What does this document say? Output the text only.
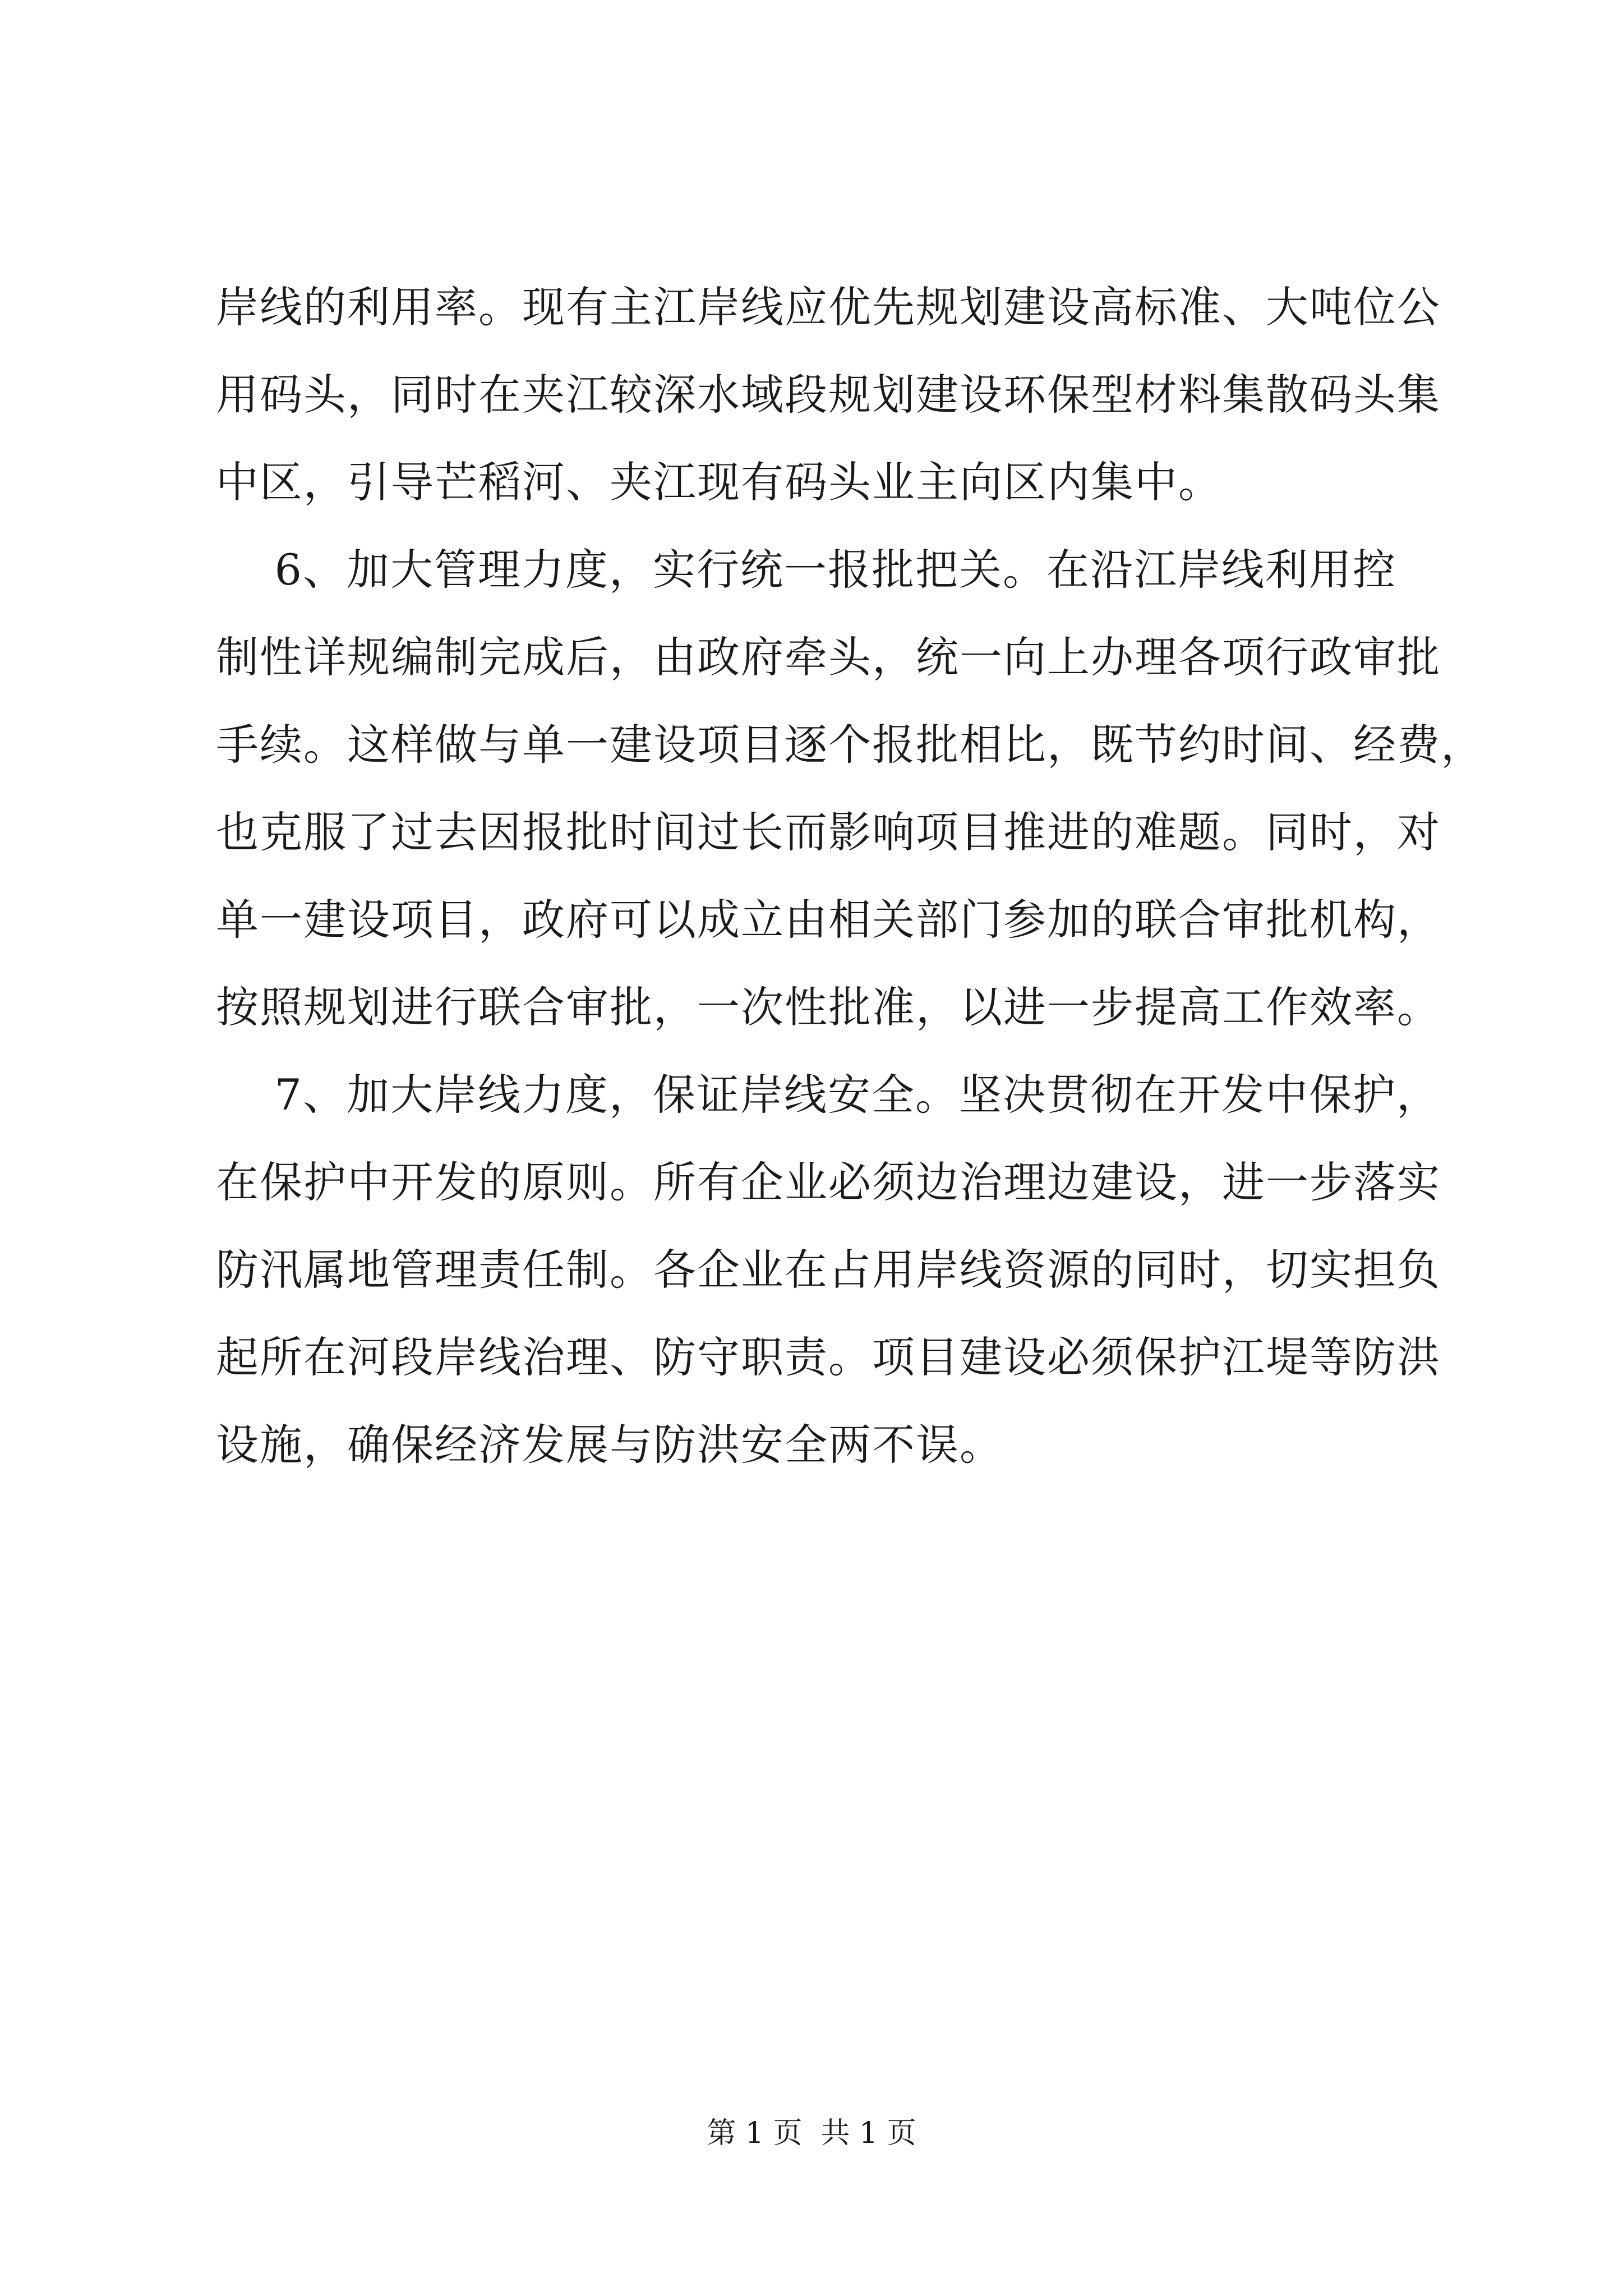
岸线的利用率。现有主江岸线应优先规划建设高标准、大吨位公
用码头，同时在夹江较深水域段规划建设环保型材料集散码头集
中区，引导芒稻河、夹江现有码头业主向区内集中。
6、加大管理力度，实行统一报批把关。在沿江岸线利用控
制性详规编制完成后，由政府牵头，统一向上办理各项行政审批
手续。这样做与单一建设项目逐个报批相比，既节约时间、经费，
也克服了过去因报批时间过长而影响项目推进的难题。同时，对
单一建设项目，政府可以成立由相关部门参加的联合审批机构，
按照规划进行联合审批，一次性批准，以进一步提高工作效率。
7、加大岸线力度，保证岸线安全。坚决贯彻在开发中保护，
在保护中开发的原则。所有企业必须边治理边建设，进一步落实
防汛属地管理责任制。各企业在占用岸线资源的同时，切实担负
起所在河段岸线治理、防守职责。项目建设必须保护江堤等防洪
设施，确保经济发展与防洪安全两不误。
第 1 页  共 1 页
